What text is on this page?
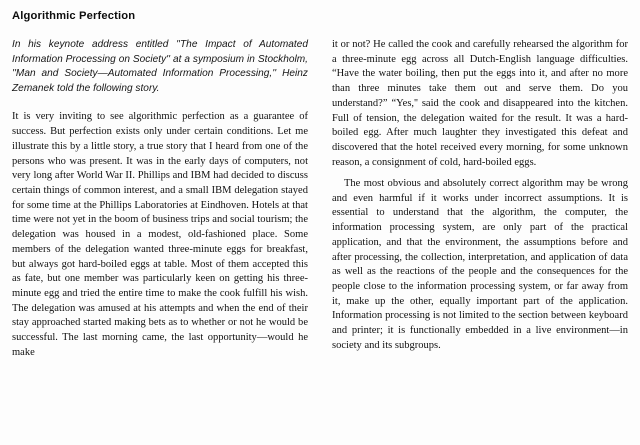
Algorithmic Perfection

In his keynote address entitled ''The Impact of Automated Information Processing on Society'' at a symposium in Stockholm, ''Man and Society—Automated Information Processing,'' Heinz Zemanek told the following story.

It is very inviting to see algorithmic perfection as a guarantee of success. But perfection exists only under certain conditions. Let me illustrate this by a little story, a true story that I heard from one of the persons who was present. It was in the early days of computers, not very long after World War II. Phillips and IBM had decided to discuss certain things of common interest, and a small IBM delegation stayed for some time at the Phillips Laboratories at Eindhoven. Hotels at that time were not yet in the boom of business trips and social tourism; the delegation was housed in a modest, old-fashioned place. Some members of the delegation wanted three-minute eggs for breakfast, but always got hard-boiled eggs at table. Most of them accepted this as fate, but one member was particularly keen on getting his three-minute egg and tried the entire time to make the cook fulfill his wish. The delegation was amused at his attempts and when the end of their stay approached started making bets as to whether or not he would be successful. The last morning came, the last opportunity—would he make

it or not? He called the cook and carefully rehearsed the algorithm for a three-minute egg across all Dutch-English language difficulties. “Have the water boiling, then put the eggs into it, and after no more than three minutes take them out and serve them. Do you understand?” “Yes,'' said the cook and disappeared into the kitchen. Full of tension, the delegation waited for the result. It was a hard-boiled egg. After much laughter they investigated this defeat and discovered that the hotel received every morning, for some unknown reason, a consignment of cold, hard-boiled eggs.

The most obvious and absolutely correct algorithm may be wrong and even harmful if it works under incorrect assumptions. It is essential to understand that the algorithm, the computer, the information processing system, are only part of the practical application, and that the environment, the assumptions before and after processing, the collection, interpretation, and application of data as well as the reactions of the people and the consequences for the people close to the information processing system, or far away from it, make up the other, equally important part of the application. Information processing is not limited to the section between keyboard and printer; it is functionally embedded in a live environment—in society and its subgroups.
